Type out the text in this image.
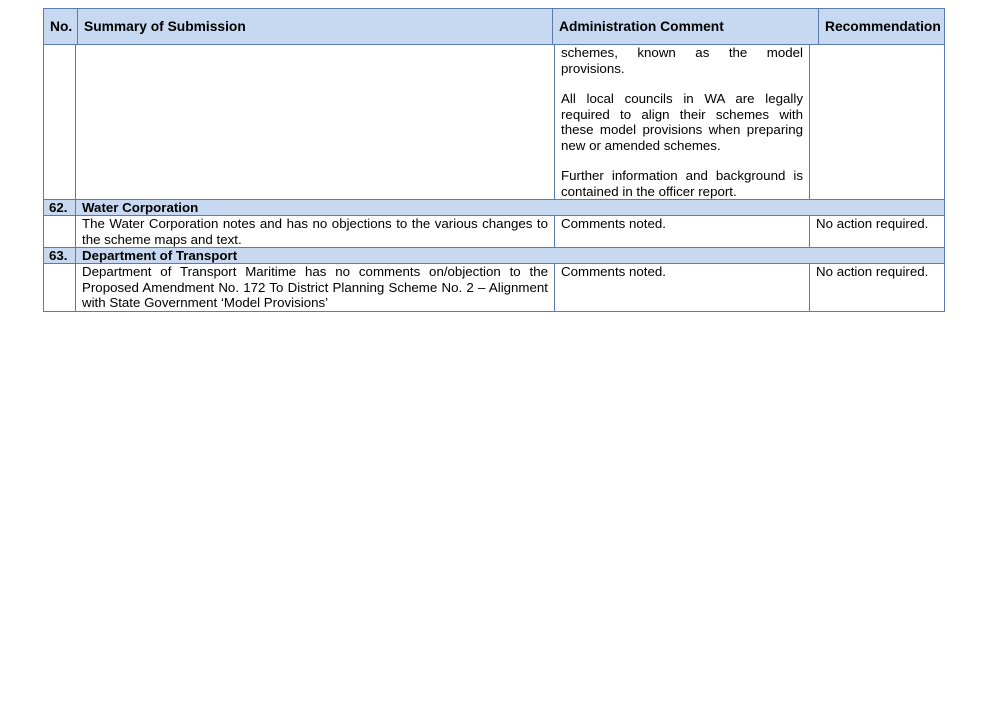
No.	Summary of Submission	Administration Comment	Recommendation

		schemes, known as the model provisions.

All local councils in WA are legally required to align their schemes with these model provisions when preparing new or amended schemes.

Further information and background is contained in the officer report.	

62.	Water Corporation		
	The Water Corporation notes and has no objections to the various changes to the scheme maps and text.	Comments noted.	No action required.
63.	Department of Transport		
	Department of Transport Maritime has no comments on/objection to the Proposed Amendment No. 172 To District Planning Scheme No. 2 – Alignment with State Government ‘Model Provisions’	Comments noted.	No action required.
